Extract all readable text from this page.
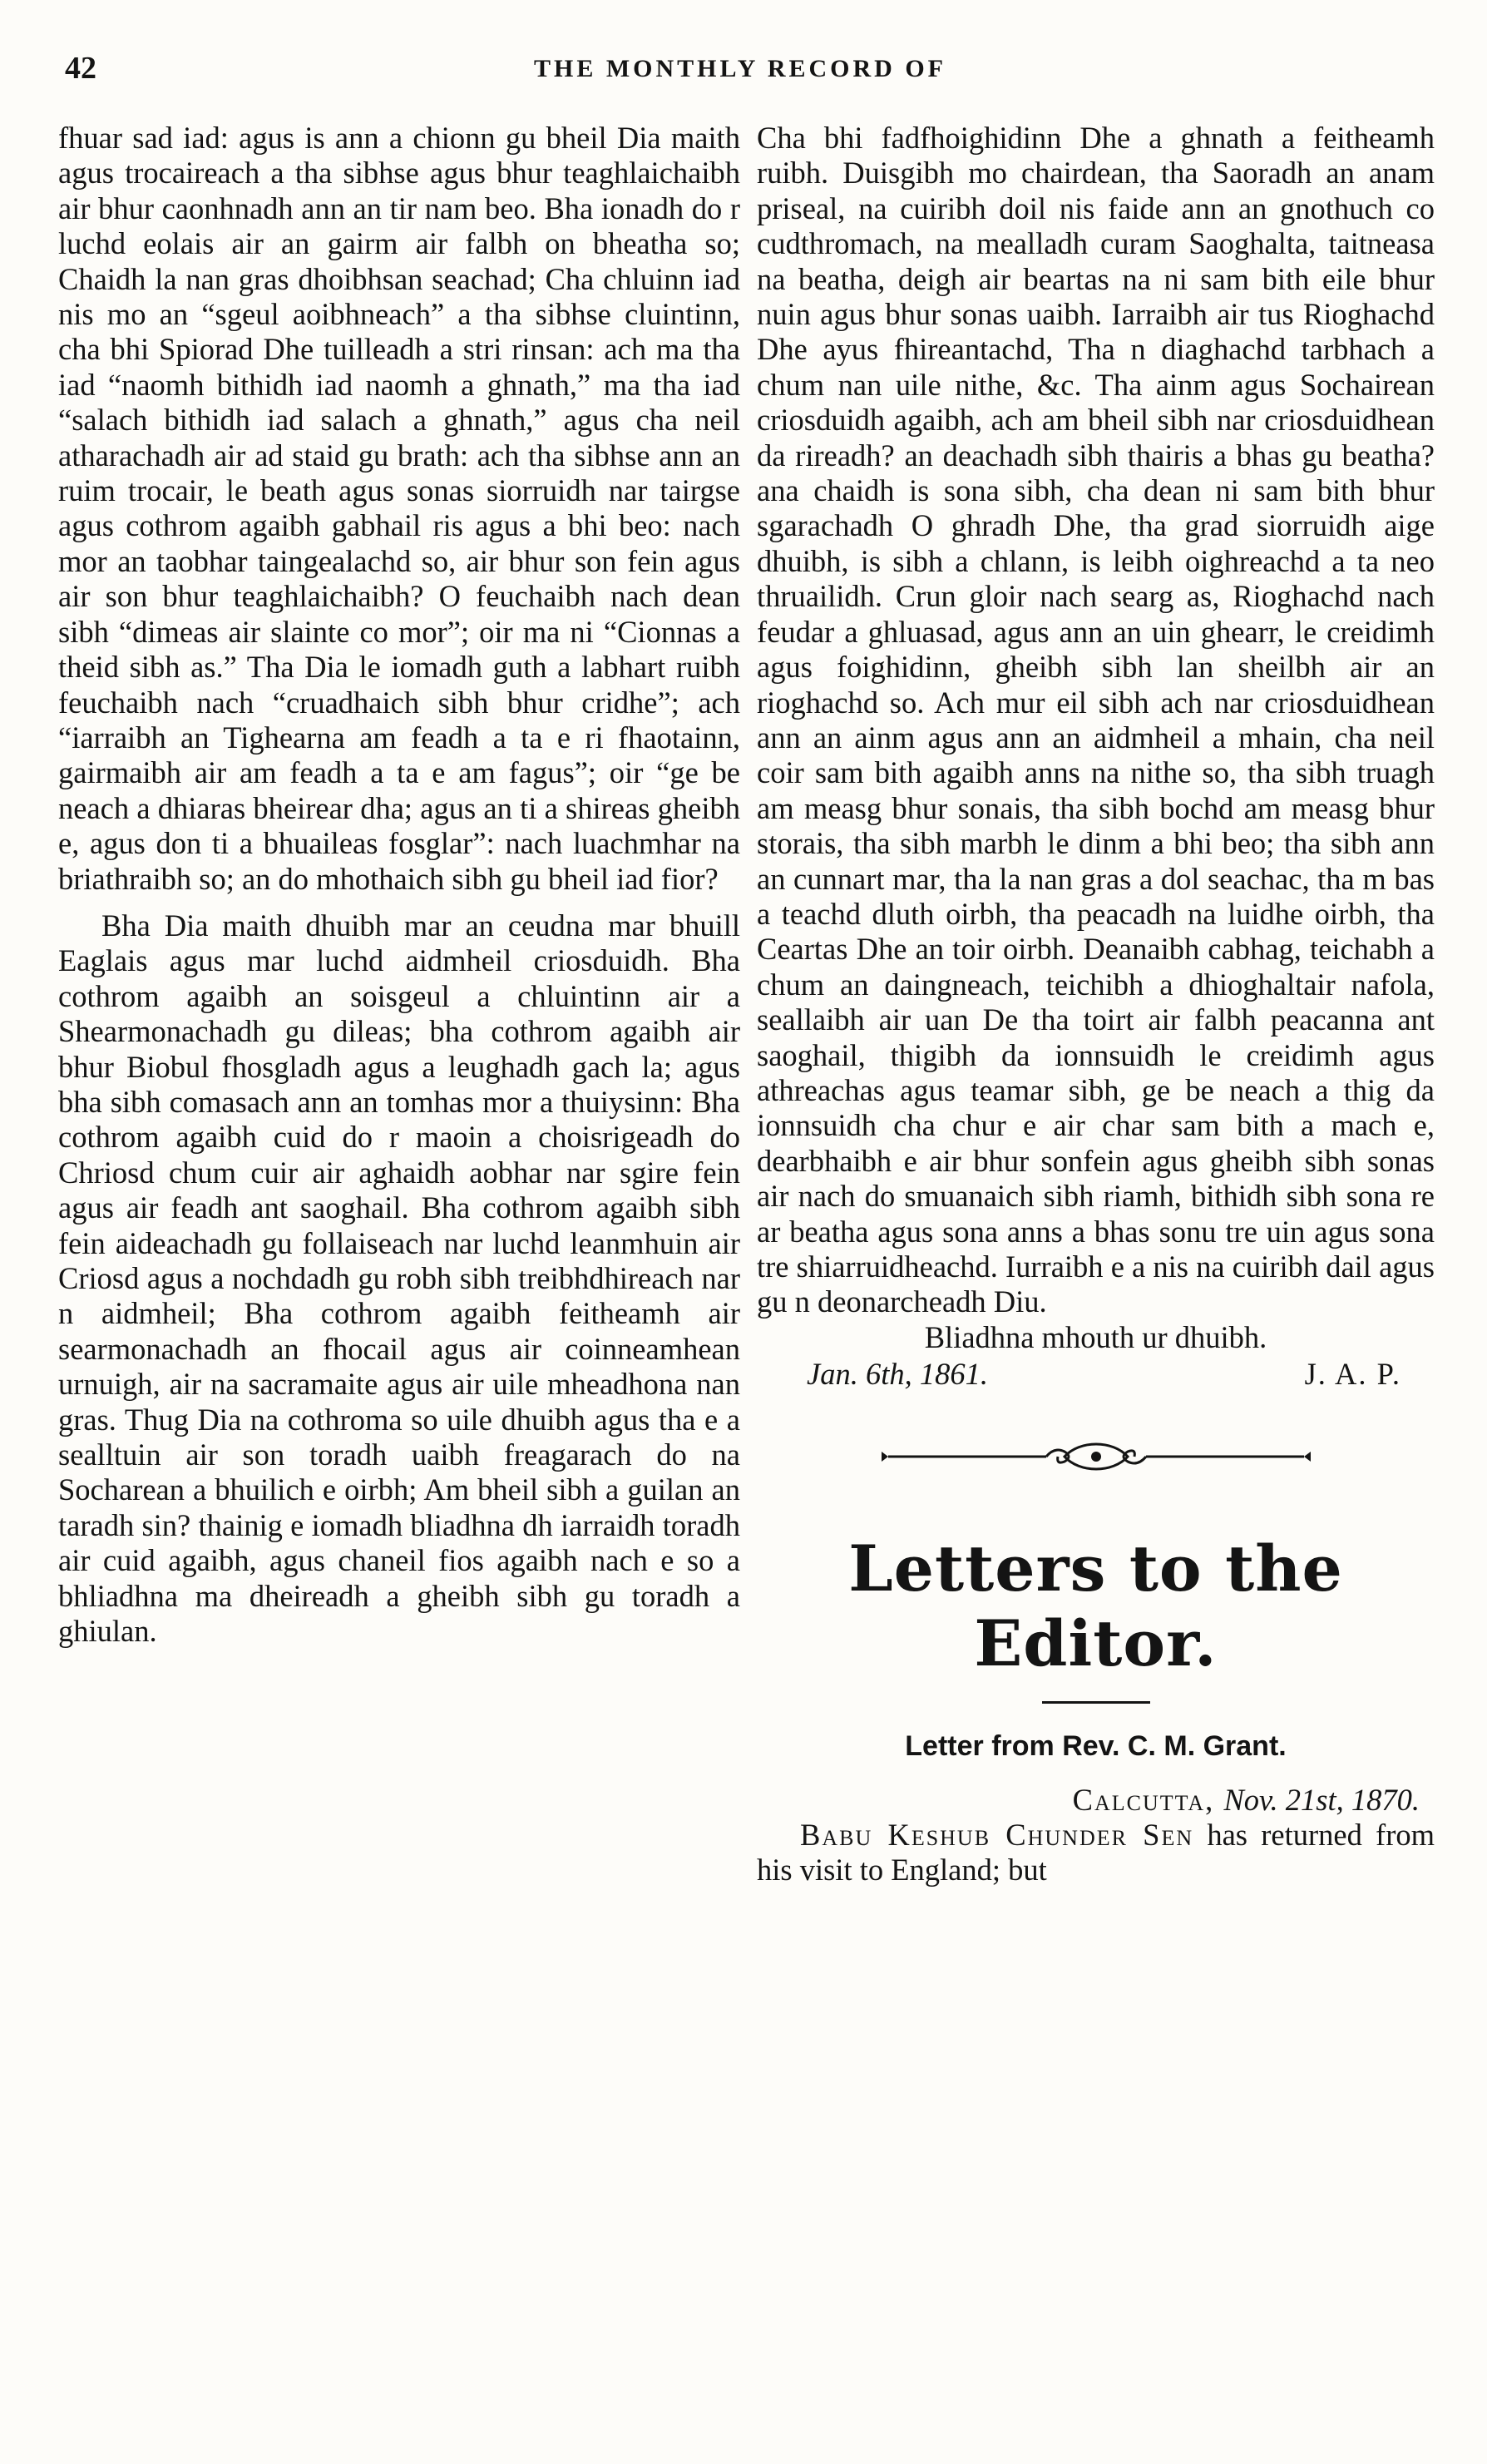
42	THE MONTHLY RECORD OF

fhuar sad iad: agus is ann a chionn gu bheil Dia maith agus trocaireach a tha sibhse agus bhur teaghlaichaibh air bhur caonhnadh ann an tir nam beo. Bha ionadh do r luchd eolais air an gairm air falbh on bheatha so; Chaidh la nan gras dhoibhsan seachad; Cha chluinn iad nis mo an “sgeul aoibhneach” a tha sibhse cluintinn, cha bhi Spiorad Dhe tuilleadh a stri rinsan: ach ma tha iad “naomh bithidh iad naomh a ghnath,” ma tha iad “salach bithidh iad salach a ghnath,” agus cha neil atharachadh air ad staid gu brath: ach tha sibhse ann an ruim trocair, le beath agus sonas siorruidh nar tairgse agus cothrom agaibh gabhail ris agus a bhi beo: nach mor an taobhar taingealachd so, air bhur son fein agus air son bhur teaghlaichaibh? O feuchaibh nach dean sibh “dimeas air slainte co mor”; oir ma ni “Cionnas a theid sibh as.” Tha Dia le iomadh guth a labhart ruibh feuchaibh nach “cruadhaich sibh bhur cridhe”; ach “iarraibh an Tighearna am feadh a ta e ri fhaotainn, gairmaibh air am feadh a ta e am fagus”; oir “ge be neach a dhiaras bheirear dha; agus an ti a shireas gheibh e, agus don ti a bhuaileas fosglar”: nach luachmhar na briathraibh so; an do mhothaich sibh gu bheil iad fior?

Bha Dia maith dhuibh mar an ceudna mar bhuill Eaglais agus mar luchd aidmheil criosduidh. Bha cothrom agaibh an soisgeul a chluintinn air a Shearmonachadh gu dileas; bha cothrom agaibh air bhur Biobul fhosgladh agus a leughadh gach la; agus bha sibh comasach ann an tomhas mor a thuiysinn: Bha cothrom agaibh cuid do r maoin a choisrigeadh do Chriosd chum cuir air aghaidh aobhar nar sgire fein agus air feadh ant saoghail. Bha cothrom agaibh sibh fein aideachadh gu follaiseach nar luchd leanmhuin air Criosd agus a nochdadh gu robh sibh treibhdhireach nar n aidmheil; Bha cothrom agaibh feitheamh air searmonachadh an fhocail agus air coinneamhean urnuigh, air na sacramaite agus air uile mheadhona nan gras. Thug Dia na cothroma so uile dhuibh agus tha e a sealltuin air son toradh uaibh freagarach do na Socharean a bhuilich e oirbh; Am bheil sibh a guilan an taradh sin? thainig e iomadh bliadhna dh iarraidh toradh air cuid agaibh, agus chaneil fios agaibh nach e so a bhliadhna ma dheireadh a gheibh sibh gu toradh a ghiulan.

Cha bhi fadfhoighidinn Dhe a ghnath a feitheamh ruibh. Duisgibh mo chairdean, tha Saoradh an anam priseal, na cuiribh doil nis faide ann an gnothuch co cudthromach, na mealladh curam Saoghalta, taitneasa na beatha, deigh air beartas na ni sam bith eile bhur nuin agus bhur sonas uaibh. Iarraibh air tus Rioghachd Dhe ayus fhireantachd, Tha n diaghachd tarbhach a chum nan uile nithe, &c. Tha ainm agus Sochairean criosduidh agaibh, ach am bheil sibh nar criosduidhean da rireadh? an deachadh sibh thairis a bhas gu beatha? ana chaidh is sona sibh, cha dean ni sam bith bhur sgarachadh O ghradh Dhe, tha grad siorruidh aige dhuibh, is sibh a chlann, is leibh oighreachd a ta neo thruailidh. Crun gloir nach searg as, Rioghachd nach feudar a ghluasad, agus ann an uin ghearr, le creidimh agus foighidinn, gheibh sibh lan sheilbh air an rioghachd so. Ach mur eil sibh ach nar criosduidhean ann an ainm agus ann an aidmheil a mhain, cha neil coir sam bith agaibh anns na nithe so, tha sibh truagh am measg bhur sonais, tha sibh bochd am measg bhur storais, tha sibh marbh le dinm a bhi beo; tha sibh ann an cunnart mar, tha la nan gras a dol seachac, tha m bas a teachd dluth oirbh, tha peacadh na luidhe oirbh, tha Ceartas Dhe an toir oirbh. Deanaibh cabhag, teichabh a chum an daingneach, teichibh a dhioghaltair nafola, seallaibh air uan De tha toirt air falbh peacanna ant saoghail, thigibh da ionnsuidh le creidimh agus athreachas agus teamar sibh, ge be neach a thig da ionnsuidh cha chur e air char sam bith a mach e, dearbhaibh e air bhur sonfein agus gheibh sibh sonas air nach do smuanaich sibh riamh, bithidh sibh sona re ar beatha agus sona anns a bhas sonu tre uin agus sona tre shiarruidheachd. Iurraibh e a nis na cuiribh dail agus gu n deonarcheadh Diu.

Bliadhna mhouth ur dhuibh.

Jan. 6th, 1861.	J. A. P.
Letters to the Editor.
Letter from Rev. C. M. Grant.
Calcutta, Nov. 21st, 1870.

Babu Keshub Chunder Sen has returned from his visit to England; but
